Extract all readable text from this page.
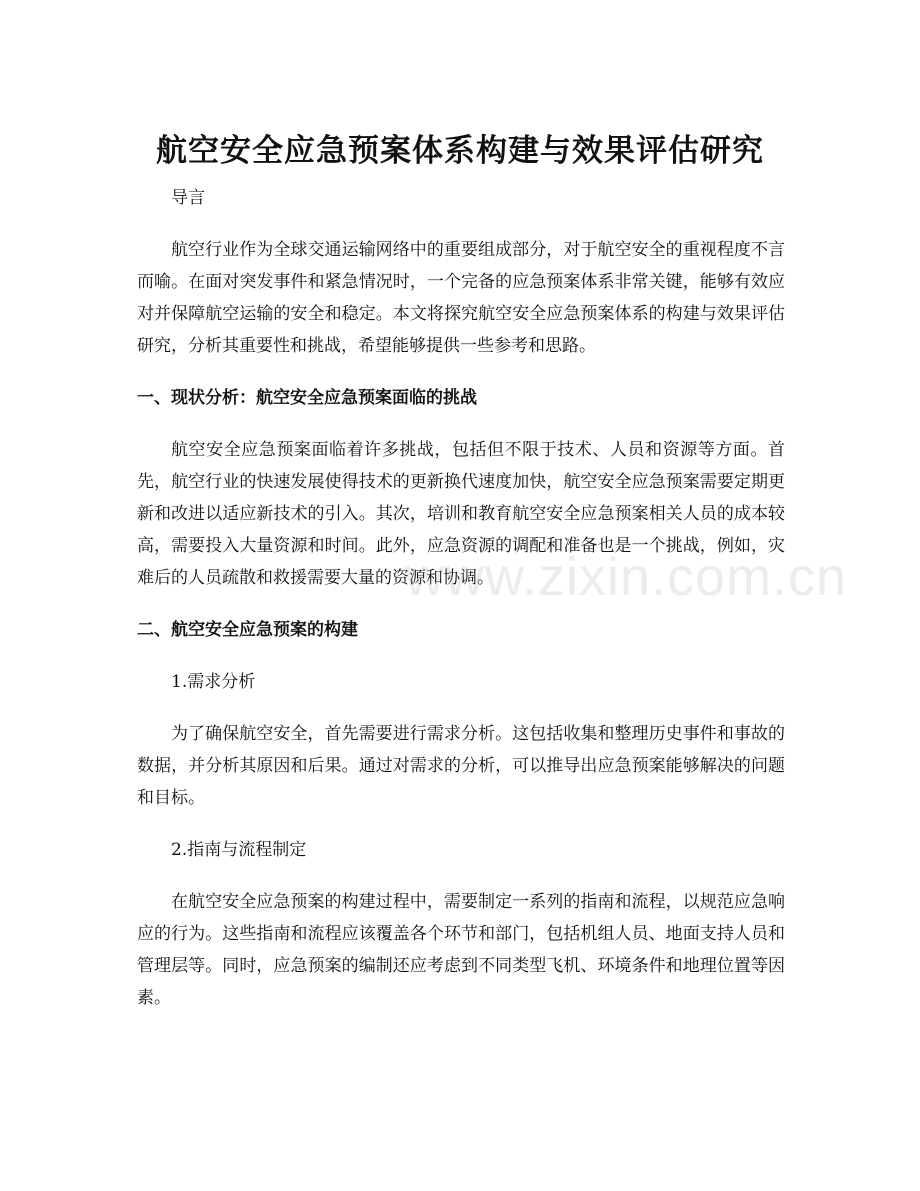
航空安全应急预案体系构建与效果评估研究

导言

航空行业作为全球交通运输网络中的重要组成部分，对于航空安全的重视程度不言而喻。在面对突发事件和紧急情况时，一个完备的应急预案体系非常关键，能够有效应对并保障航空运输的安全和稳定。本文将探究航空安全应急预案体系的构建与效果评估研究，分析其重要性和挑战，希望能够提供一些参考和思路。

一、现状分析：航空安全应急预案面临的挑战

航空安全应急预案面临着许多挑战，包括但不限于技术、人员和资源等方面。首先，航空行业的快速发展使得技术的更新换代速度加快，航空安全应急预案需要定期更新和改进以适应新技术的引入。其次，培训和教育航空安全应急预案相关人员的成本较高，需要投入大量资源和时间。此外，应急资源的调配和准备也是一个挑战，例如，灾难后的人员疏散和救援需要大量的资源和协调。

二、航空安全应急预案的构建

1.需求分析

为了确保航空安全，首先需要进行需求分析。这包括收集和整理历史事件和事故的数据，并分析其原因和后果。通过对需求的分析，可以推导出应急预案能够解决的问题和目标。

2.指南与流程制定

在航空安全应急预案的构建过程中，需要制定一系列的指南和流程，以规范应急响应的行为。这些指南和流程应该覆盖各个环节和部门，包括机组人员、地面支持人员和管理层等。同时，应急预案的编制还应考虑到不同类型飞机、环境条件和地理位置等因素。

www.zixin.com.cn
